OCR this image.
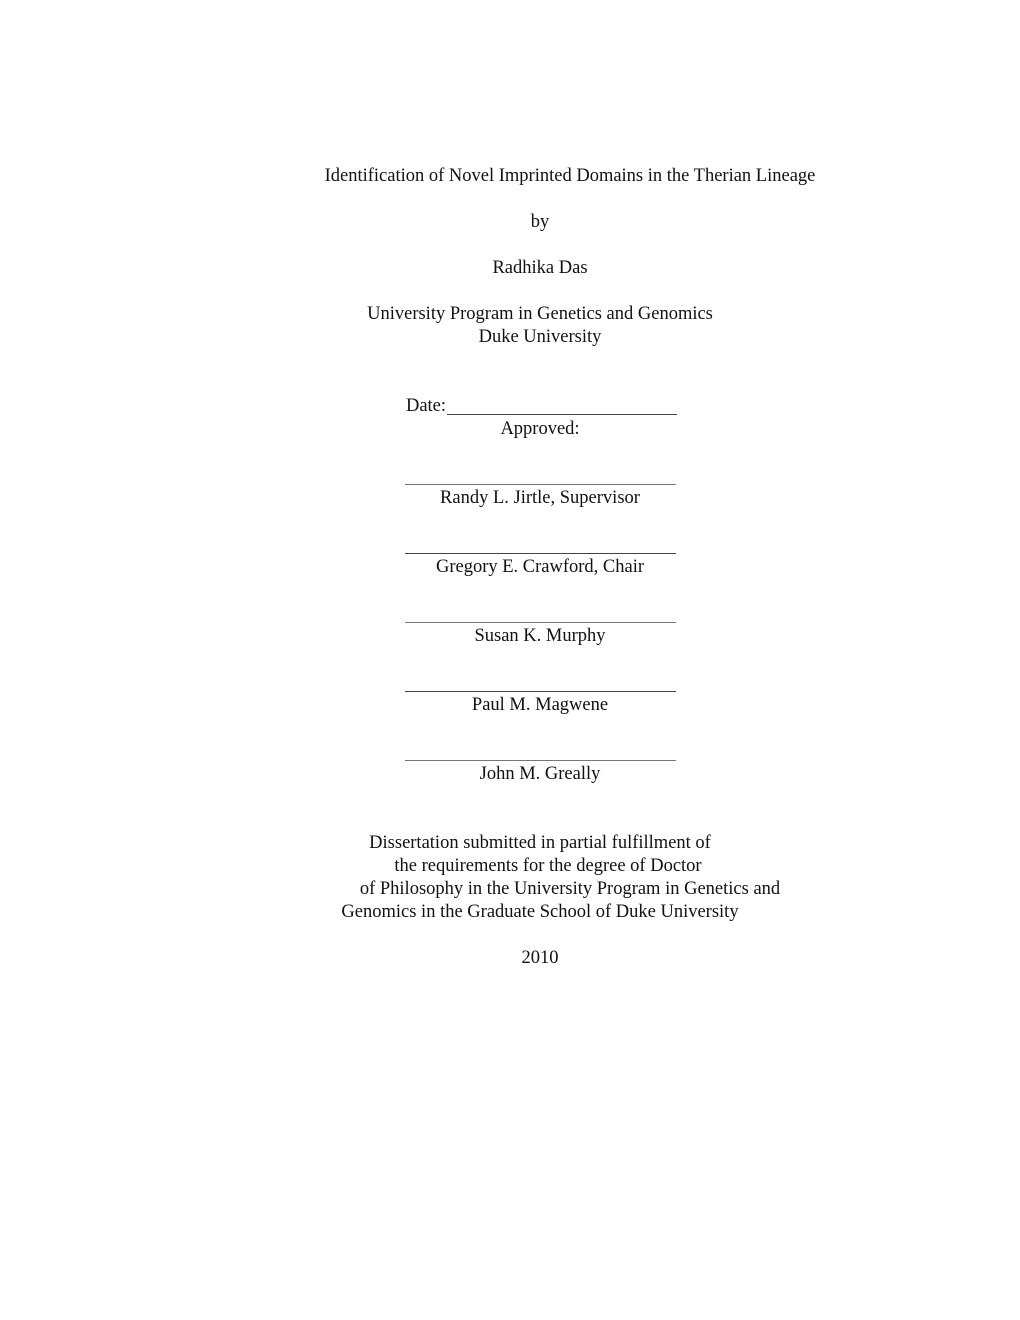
Identification of Novel Imprinted Domains in the Therian Lineage
by
Radhika Das
University Program in Genetics and Genomics
Duke University
Date:
Approved:
Randy L. Jirtle, Supervisor
Gregory E. Crawford, Chair
Susan K. Murphy
Paul M. Magwene
John M. Greally
Dissertation submitted in partial fulfillment of
the requirements for the degree of Doctor
of Philosophy in the University Program in Genetics and
Genomics in the Graduate School of Duke University
2010
